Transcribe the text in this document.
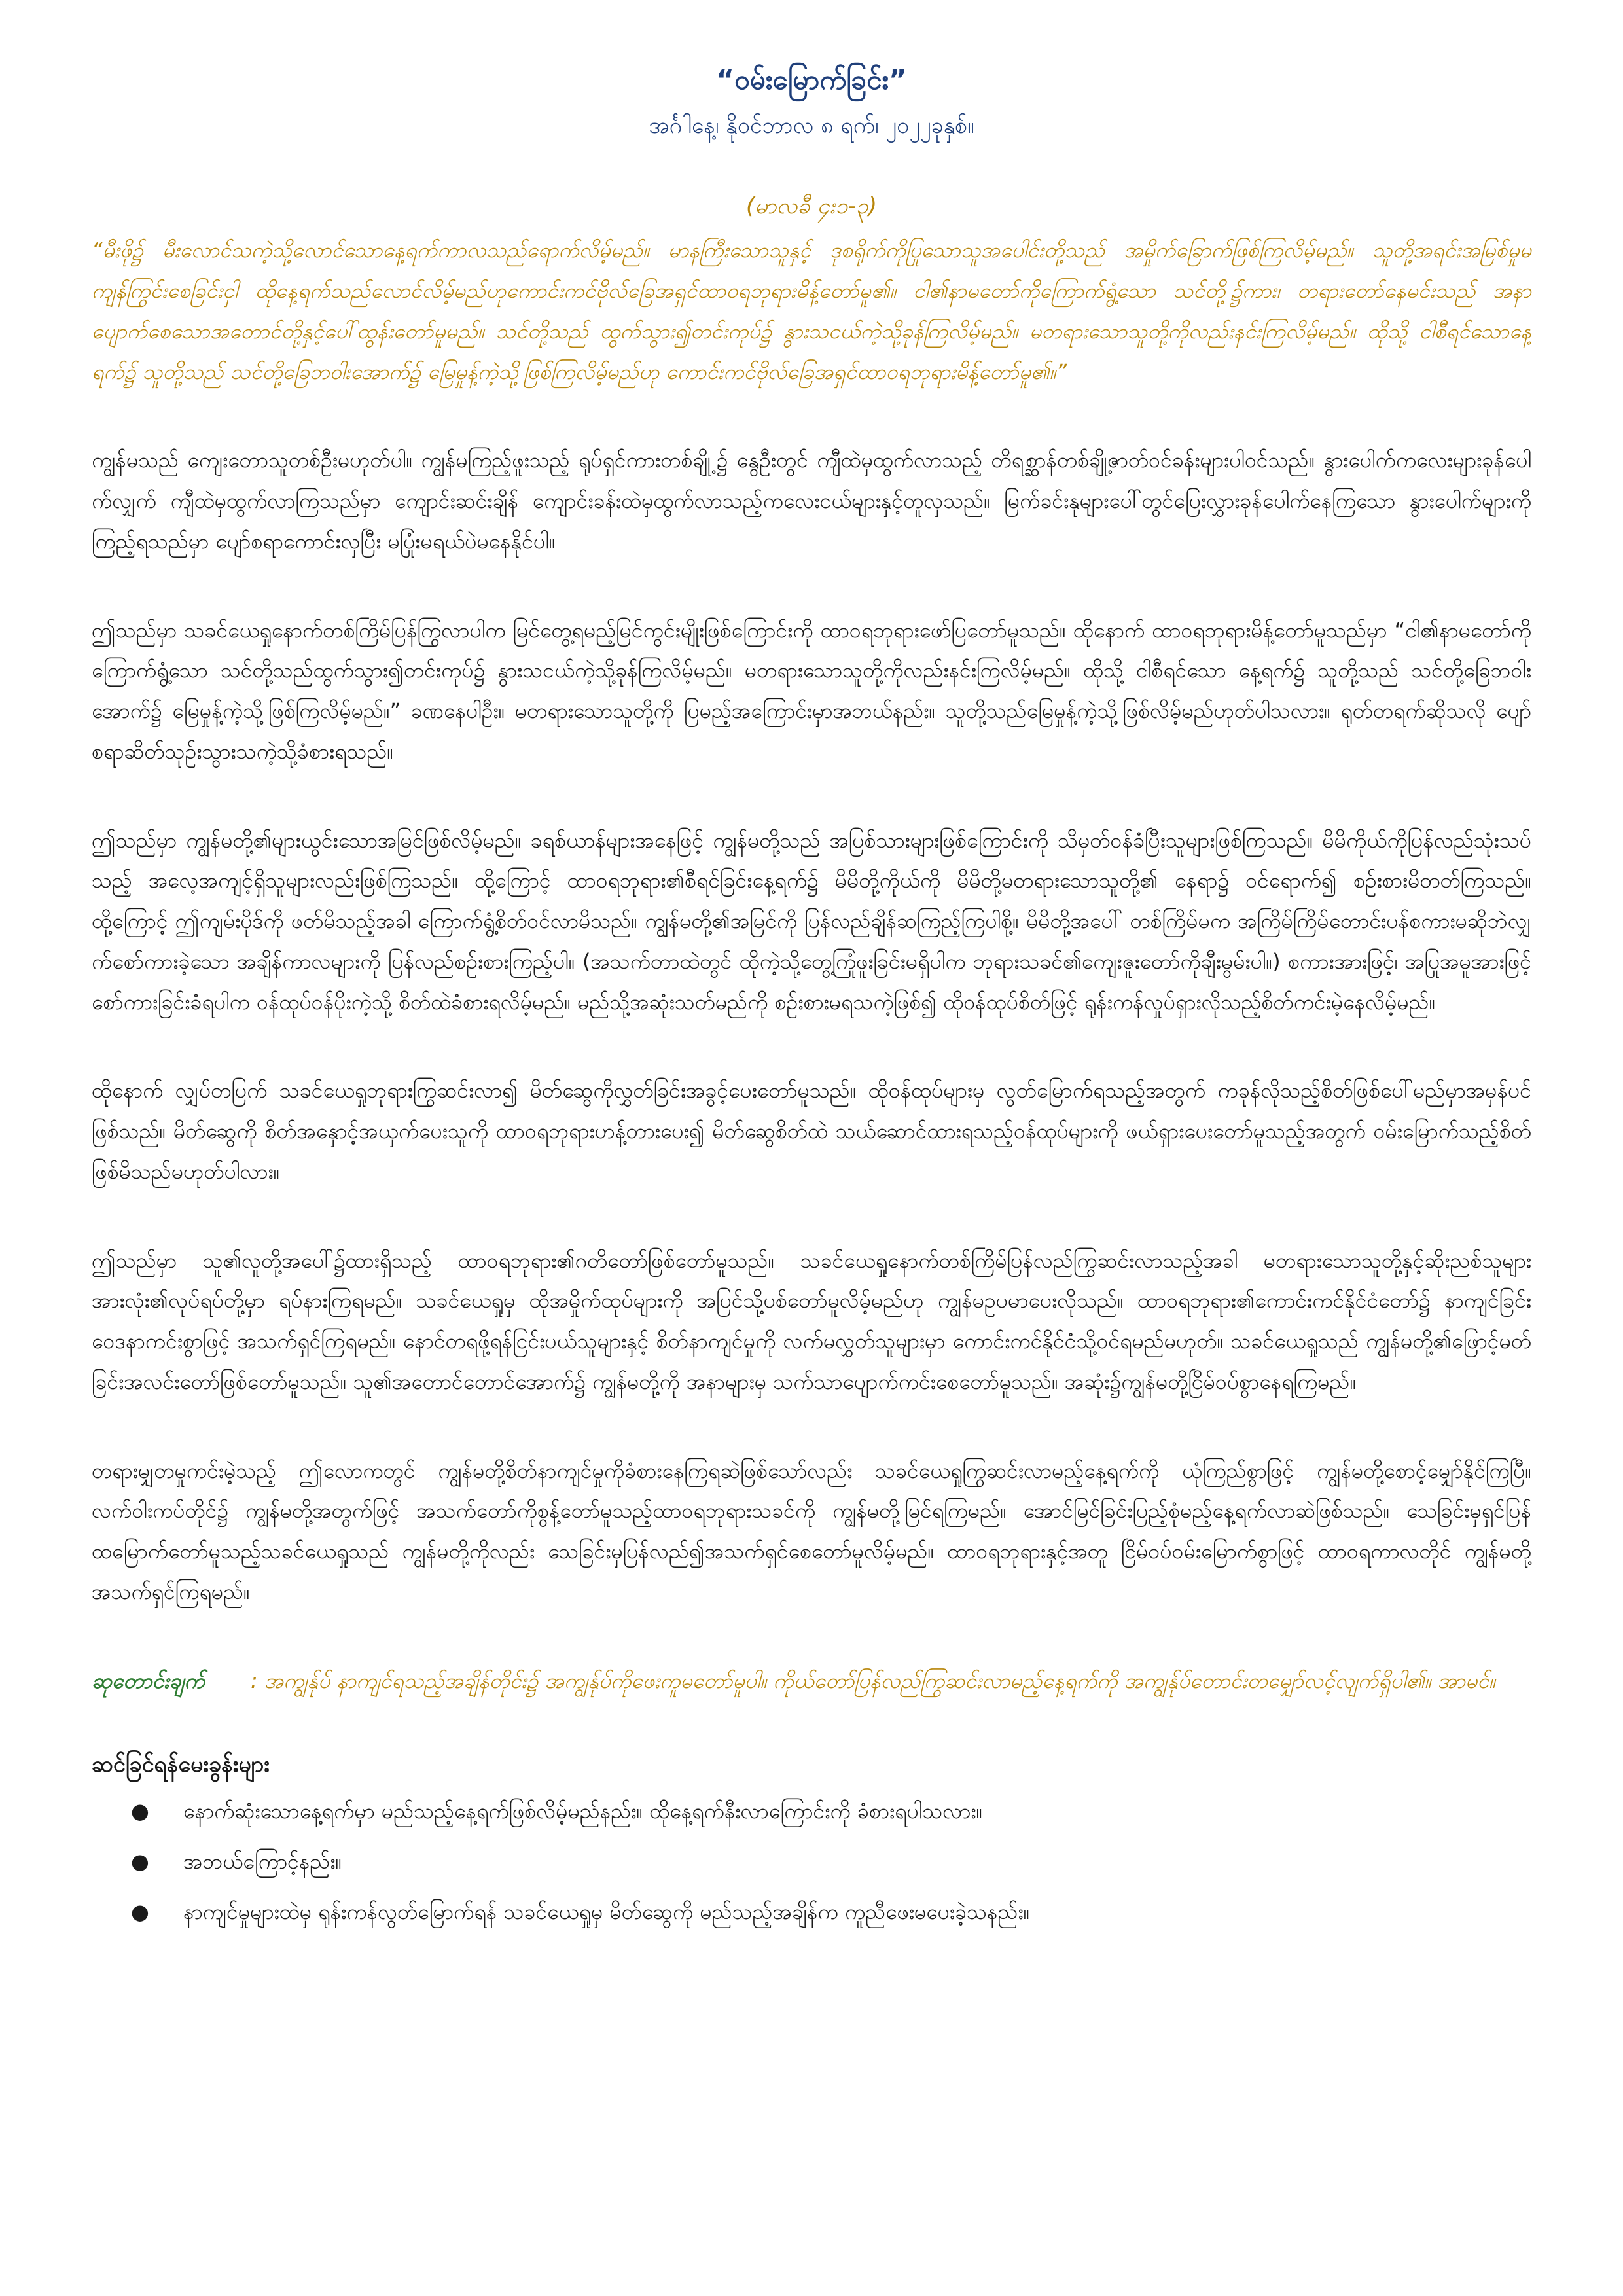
“ဝမ်းမြောက်ခြင်း”
အင်္ဂါနေ့၊ နိုဝင်ဘာလ ၈ ရက်၊ ၂၀၂၂ခုနှစ်။
(မာလခီ ၄း၁-၃)
“မီးဖို၌ မီးလောင်သကဲ့သို့လောင်သောနေ့ရက်ကာလသည်ရောက်လိမ့်မည်။ မာနကြီးသောသူနှင့် ဒုစရိုက်ကိုပြုသောသူအပေါင်းတို့သည် အမှိုက်ခြောက်ဖြစ်ကြလိမ့်မည်။ သူတို့အရင်းအမြစ်မှုမကျန်ကြွင်းစေခြင်းငှါ ထိုနေ့ရက်သည်လောင်လိမ့်မည်ဟုကောင်းကင်ဗိုလ်ခြေအရှင်ထာဝရဘုရားမိန့်တော်မူ၏။ ငါ၏နာမတော်ကိုကြောက်ရွံ့သော သင်တို့၌ကား၊ တရားတော်နေမင်းသည် အနာပျောက်စေသောအတောင်တို့နှင့်ပေါ်ထွန်းတော်မူမည်။ သင်တို့သည် ထွက်သွား၍တင်းကုပ်၌ နွားသငယ်ကဲ့သို့ခုန်ကြလိမ့်မည်။ မတရားသောသူတို့ကိုလည်းနင်းကြလိမ့်မည်။ ထိုသို့ ငါစီရင်သောနေ့ရက်၌ သူတို့သည် သင်တို့ခြေဘဝါးအောက်၌ မြေမှုန့်ကဲ့သို့ဖြစ်ကြလိမ့်မည်ဟု ကောင်းကင်ဗိုလ်ခြေအရှင်ထာဝရဘုရားမိန့်တော်မူ၏။”

ကျွန်မသည် ကျေးတောသူတစ်ဦးမဟုတ်ပါ။ ကျွန်မကြည့်ဖူးသည့် ရုပ်ရှင်ကားတစ်ချို့၌ နွေဦးတွင် ကျီထဲမှထွက်လာသည့် တိရစ္ဆာန်တစ်ချို့ဇာတ်ဝင်ခန်းများပါဝင်သည်။ နွားပေါက်ကလေးများခုန်ပေါက်လျှက် ကျီထဲမှထွက်လာကြသည်မှာ ကျောင်းဆင်းချိန် ကျောင်းခန်းထဲမှထွက်လာသည့်ကလေးငယ်များနှင့်တူလှသည်။ မြက်ခင်းနုများပေါ်တွင်ပြေးလွှားခုန်ပေါက်နေကြသော နွားပေါက်များကို ကြည့်ရသည်မှာ ပျော်စရာကောင်းလှပြီး မပြုံးမရယ်ပဲမနေနိုင်ပါ။

ဤသည်မှာ သခင်ယေရှုနောက်တစ်ကြိမ်ပြန်ကြွလာပါက မြင်တွေ့ရမည့်မြင်ကွင်းမျိုးဖြစ်ကြောင်းကို ထာဝရဘုရားဖော်ပြတော်မူသည်။ ထိုနောက် ထာဝရဘုရားမိန့်တော်မူသည်မှာ “ငါ၏နာမတော်ကိုကြောက်ရွံ့သော သင်တို့သည်ထွက်သွား၍တင်းကုပ်၌ နွားသငယ်ကဲ့သို့ခုန်ကြလိမ့်မည်။ မတရားသောသူတို့ကိုလည်းနင်းကြလိမ့်မည်။ ထိုသို့ ငါစီရင်သော နေ့ရက်၌ သူတို့သည် သင်တို့ခြေဘဝါးအောက်၌ မြေမှုန့်ကဲ့သို့ဖြစ်ကြလိမ့်မည်။” ခဏနေပါဦး။ မတရားသောသူတို့ကို ပြမည့်အကြောင်းမှာအဘယ်နည်း။ သူတို့သည်မြေမှုန့်ကဲ့သို့ဖြစ်လိမ့်မည်ဟုတ်ပါသလား။ ရုတ်တရက်ဆိုသလို ပျော်စရာဆိတ်သုဉ်းသွားသကဲ့သို့ခံစားရသည်။

ဤသည်မှာ ကျွန်မတို့၏များယွင်းသောအမြင်ဖြစ်လိမ့်မည်။ ခရစ်ယာန်များအနေဖြင့် ကျွန်မတို့သည် အပြစ်သားများဖြစ်ကြောင်းကို သိမှတ်ဝန်ခံပြီးသူများဖြစ်ကြသည်။ မိမိကိုယ်ကိုပြန်လည်သုံးသပ်သည့် အလေ့အကျင့်ရှိသူများလည်းဖြစ်ကြသည်။ ထို့ကြောင့် ထာဝရဘုရား၏စီရင်ခြင်းနေ့ရက်၌ မိမိတို့ကိုယ်ကို မိမိတို့မတရားသောသူတို့၏ နေရာ၌ ဝင်ရောက်၍ စဉ်းစားမိတတ်ကြသည်။ ထို့ကြောင့် ဤကျမ်းပိုဒ်ကို ဖတ်မိသည့်အခါ ကြောက်ရွံ့စိတ်ဝင်လာမိသည်။ ကျွန်မတို့၏အမြင်ကို ပြန်လည်ချိန်ဆကြည့်ကြပါစို့။ မိမိတို့အပေါ် တစ်ကြိမ်မက အကြိမ်ကြိမ်တောင်းပန်စကားမဆိုဘဲလျှက်စော်ကားခဲ့သော အချိန်ကာလများကို ပြန်လည်စဉ်းစားကြည့်ပါ။ (အသက်တာထဲတွင် ထိုကဲ့သို့တွေ့ကြုံဖူးခြင်းမရှိပါက ဘုရားသခင်၏ကျေးဇူးတော်ကိုချီးမွမ်းပါ။) စကားအားဖြင့်၊ အပြုအမူအားဖြင့် စော်ကားခြင်းခံရပါက ဝန်ထုပ်ဝန်ပိုးကဲ့သို့ စိတ်ထဲခံစားရလိမ့်မည်။ မည်သို့အဆုံးသတ်မည်ကို စဉ်းစားမရသကဲ့ဖြစ်၍ ထိုဝန်ထုပ်စိတ်ဖြင့် ရုန်းကန်လှုပ်ရှားလိုသည့်စိတ်ကင်းမဲ့နေလိမ့်မည်။

ထိုနောက် လျှပ်တပြက် သခင်ယေရှုဘုရားကြွဆင်းလာ၍ မိတ်ဆွေကိုလွှတ်ခြင်းအခွင့်ပေးတော်မူသည်။ ထိုဝန်ထုပ်များမှ လွတ်မြောက်ရသည့်အတွက် ကခုန်လိုသည့်စိတ်ဖြစ်ပေါ်မည်မှာအမှန်ပင်ဖြစ်သည်။ မိတ်ဆွေကို စိတ်အနှောင့်အယှက်ပေးသူကို ထာဝရဘုရားဟန့်တားပေး၍ မိတ်ဆွေစိတ်ထဲ သယ်ဆောင်ထားရသည့်ဝန်ထုပ်များကို ဖယ်ရှားပေးတော်မူသည့်အတွက် ဝမ်းမြောက်သည့်စိတ်ဖြစ်မိသည်မဟုတ်ပါလား။

ဤသည်မှာ သူ၏လူတို့အပေါ်၌ထားရှိသည့် ထာဝရဘုရား၏ဂတိတော်ဖြစ်တော်မူသည်။ သခင်ယေရှုနောက်တစ်ကြိမ်ပြန်လည်ကြွဆင်းလာသည့်အခါ မတရားသောသူတို့နှင့်ဆိုးညစ်သူများအားလုံး၏လုပ်ရပ်တို့မှာ ရပ်နားကြရမည်။ သခင်ယေရှုမှ ထိုအမှိုက်ထုပ်များကို အပြင်သို့ပစ်တော်မူလိမ့်မည်ဟု ကျွန်မဥပမာပေးလိုသည်။ ထာဝရဘုရား၏ကောင်းကင်နိုင်ငံတော်၌ နာကျင်ခြင်းဝေဒနာကင်းစွာဖြင့် အသက်ရှင်ကြရမည်။ နောင်တရဖို့ရန်ငြင်းပယ်သူများနှင့် စိတ်နာကျင်မှုကို လက်မလွှတ်သူများမှာ ကောင်းကင်နိုင်ငံသို့ဝင်ရမည်မဟုတ်။ သခင်ယေရှုသည် ကျွန်မတို့၏ဖြောင့်မတ်ခြင်းအလင်းတော်ဖြစ်တော်မူသည်။ သူ၏အတောင်တောင်အောက်၌ ကျွန်မတို့ကို အနာများမှ သက်သာပျောက်ကင်းစေတော်မူသည်။ အဆုံး၌ကျွန်မတို့ငြိမ်ဝပ်စွာနေရကြမည်။

တရားမျှတမှုကင်းမဲ့သည့် ဤလောကတွင် ကျွန်မတို့စိတ်နာကျင်မှုကိုခံစားနေကြရဆဲဖြစ်သော်လည်း သခင်ယေရှုကြွဆင်းလာမည့်နေ့ရက်ကို ယုံကြည်စွာဖြင့် ကျွန်မတို့စောင့်မျှော်နိုင်ကြပြီ။ လက်ဝါးကပ်တိုင်၌ ကျွန်မတို့အတွက်ဖြင့် အသက်တော်ကိုစွန့်တော်မူသည့်ထာဝရဘုရားသခင်ကို ကျွန်မတို့မြင်ရကြမည်။ အောင်မြင်ခြင်းပြည့်စုံမည့်နေ့ရက်လာဆဲဖြစ်သည်။ သေခြင်းမှရှင်ပြန်ထမြောက်တော်မူသည့်သခင်ယေရှုသည် ကျွန်မတို့ကိုလည်း သေခြင်းမှပြန်လည်၍အသက်ရှင်စေတော်မူလိမ့်မည်။ ထာဝရဘုရားနှင့်အတူ ငြိမ်ဝပ်ဝမ်းမြောက်စွာဖြင့် ထာဝရကာလတိုင် ကျွန်မတို့အသက်ရှင်ကြရမည်။

ဆုတောင်းချက် : အကျွန်ုပ် နာကျင်ရသည့်အချိန်တိုင်း၌ အကျွန်ုပ်ကိုဖေးကူမတော်မူပါ။ ကိုယ်တော်ပြန်လည်ကြွဆင်းလာမည့်နေ့ရက်ကို အကျွန်ုပ်တောင်းတမျှော်လင့်လျက်ရှိပါ၏။ အာမင်။
ဆင်ခြင်ရန်မေးခွန်းများ
● နောက်ဆုံးသောနေ့ရက်မှာ မည်သည့်နေ့ရက်ဖြစ်လိမ့်မည်နည်း။ ထိုနေ့ရက်နီးလာကြောင်းကို ခံစားရပါသလား။
● အဘယ်ကြောင့်နည်း။
● နာကျင်မှုများထဲမှ ရုန်းကန်လွတ်မြောက်ရန် သခင်ယေရှုမှ မိတ်ဆွေကို မည်သည့်အချိန်က ကူညီဖေးမပေးခဲ့သနည်း။
